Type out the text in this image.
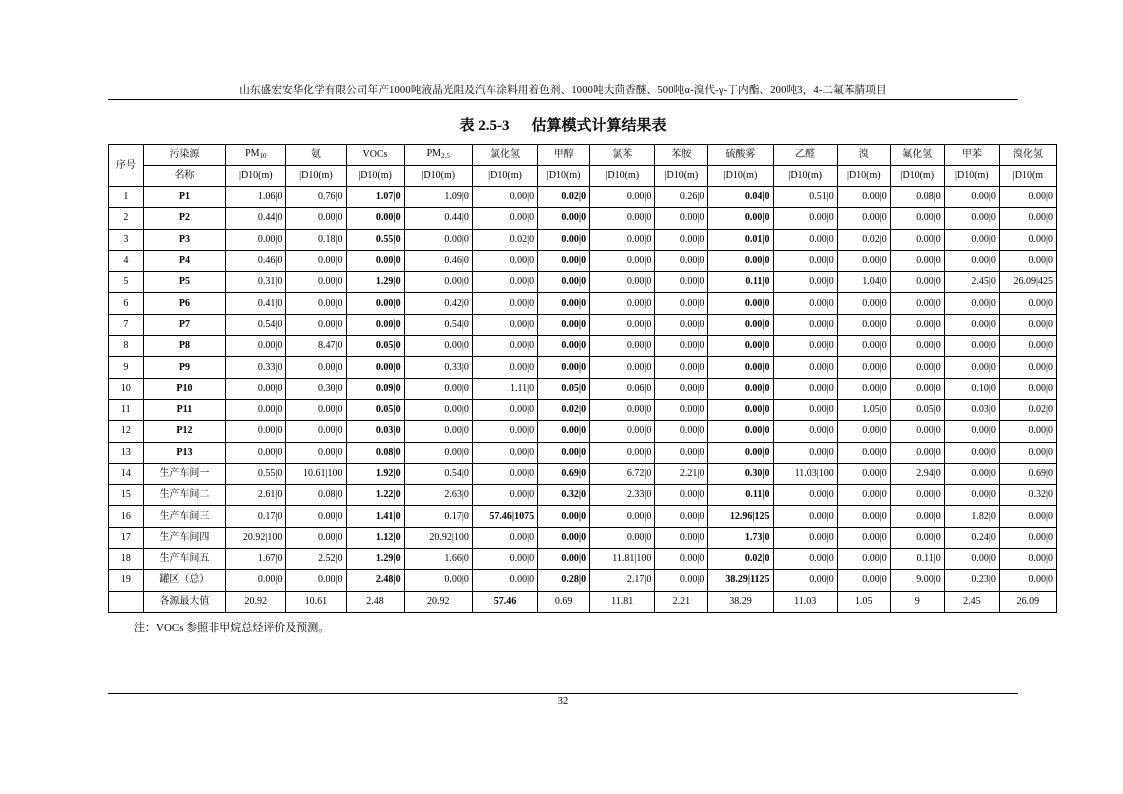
山东盛宏安华化学有限公司年产1000吨液晶光阻及汽车涂料用着色剂、1000吨大茴香醚、500吨α-溴代-γ-丁内酯、200吨3，4-二氟苯腈项目
表 2.5-3 估算模式计算结果表
序号	污染源	$PM_{10}$	氨	VOCs	$PM_{2.5}$	氯化氢	甲醇	氯苯	苯胺	硫酸雾	乙醛	溴	氟化氢	甲苯	溴化氢
	名称	|D10(m)	|D10(m)	|D10(m)	|D10(m)	|D10(m)	|D10(m)	|D10(m)	|D10(m)	|D10(m)	|D10(m)	|D10(m)	|D10(m)	|D10(m)	|D10(m
1	P1	1.06|0	0.76|0	1.07|0	1.09|0	0.00|0	0.02|0	0.00|0	0.26|0	0.04|0	0.51|0	0.00|0	0.08|0	0.00|0	0.00|0
2	P2	0.44|0	0.00|0	0.00|0	0.44|0	0.00|0	0.00|0	0.00|0	0.00|0	0.00|0	0.00|0	0.00|0	0.00|0	0.00|0	0.00|0
3	P3	0.00|0	0.18|0	0.55|0	0.00|0	0.02|0	0.00|0	0.00|0	0.00|0	0.01|0	0.00|0	0.02|0	0.00|0	0.00|0	0.00|0
4	P4	0.46|0	0.00|0	0.00|0	0.46|0	0.00|0	0.00|0	0.00|0	0.00|0	0.00|0	0.00|0	0.00|0	0.00|0	0.00|0	0.00|0
5	P5	0.31|0	0.00|0	1.29|0	0.00|0	0.00|0	0.00|0	0.00|0	0.00|0	0.11|0	0.00|0	1.04|0	0.00|0	2.45|0	26.09|425
6	P6	0.41|0	0.00|0	0.00|0	0.42|0	0.00|0	0.00|0	0.00|0	0.00|0	0.00|0	0.00|0	0.00|0	0.00|0	0.00|0	0.00|0
7	P7	0.54|0	0.00|0	0.00|0	0.54|0	0.00|0	0.00|0	0.00|0	0.00|0	0.00|0	0.00|0	0.00|0	0.00|0	0.00|0	0.00|0
8	P8	0.00|0	8.47|0	0.05|0	0.00|0	0.00|0	0.00|0	0.00|0	0.00|0	0.00|0	0.00|0	0.00|0	0.00|0	0.00|0	0.00|0
9	P9	0.33|0	0.00|0	0.00|0	0.33|0	0.00|0	0.00|0	0.00|0	0.00|0	0.00|0	0.00|0	0.00|0	0.00|0	0.00|0	0.00|0
10	P10	0.00|0	0.30|0	0.09|0	0.00|0	1.11|0	0.05|0	0.06|0	0.00|0	0.00|0	0.00|0	0.00|0	0.00|0	0.10|0	0.00|0
11	P11	0.00|0	0.00|0	0.05|0	0.00|0	0.00|0	0.02|0	0.00|0	0.00|0	0.00|0	0.00|0	1.05|0	0.05|0	0.03|0	0.02|0
12	P12	0.00|0	0.00|0	0.03|0	0.00|0	0.00|0	0.00|0	0.00|0	0.00|0	0.00|0	0.00|0	0.00|0	0.00|0	0.00|0	0.00|0
13	P13	0.00|0	0.00|0	0.08|0	0.00|0	0.00|0	0.00|0	0.00|0	0.00|0	0.00|0	0.00|0	0.00|0	0.00|0	0.00|0	0.00|0
14	生产车间一	0.55|0	10.61|100	1.92|0	0.54|0	0.00|0	0.69|0	6.72|0	2.21|0	0.30|0	11.03|100	0.00|0	2.94|0	0.00|0	0.69|0
15	生产车间二	2.61|0	0.08|0	1.22|0	2.63|0	0.00|0	0.32|0	2.33|0	0.00|0	0.11|0	0.00|0	0.00|0	0.00|0	0.00|0	0.32|0
16	生产车间三	0.17|0	0.00|0	1.41|0	0.17|0	57.46|1075	0.00|0	0.00|0	0.00|0	12.96|125	0.00|0	0.00|0	0.00|0	1.82|0	0.00|0
17	生产车间四	20.92|100	0.00|0	1.12|0	20.92|100	0.00|0	0.00|0	0.00|0	0.00|0	1.73|0	0.00|0	0.00|0	0.00|0	0.24|0	0.00|0
18	生产车间五	1.67|0	2.52|0	1.29|0	1.66|0	0.00|0	0.00|0	11.81|100	0.00|0	0.02|0	0.00|0	0.00|0	0.11|0	0.00|0	0.00|0
19	罐区（总）	0.00|0	0.00|0	2.48|0	0.00|0	0.00|0	0.28|0	2.17|0	0.00|0	38.29|1125	0.00|0	0.00|0	9.00|0	0.23|0	0.00|0
	各源最大值	20.92	10.61	2.48	20.92	57.46	0.69	11.81	2.21	38.29	11.03	1.05	9	2.45	26.09
注：VOCs 参照非甲烷总烃评价及预测。
32
